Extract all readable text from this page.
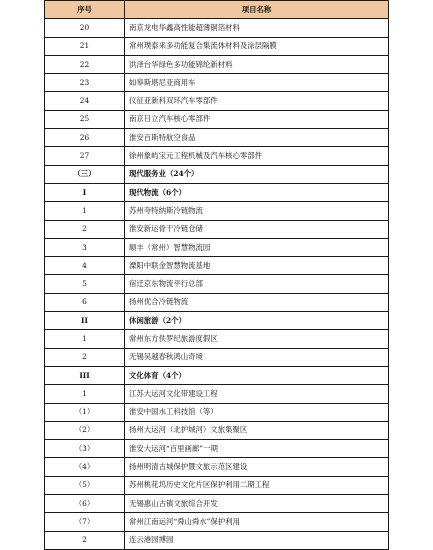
序号	项目名称
20	南京龙电华鑫高性能超薄铜箔材料
21	常州璞泰来多功能复合集流体材料及涂层隔膜
22	洪泽台华绿色多功能锦纶新材料
23	如皋斯堪尼亚商用车
24	仪征亚新科双环汽车零部件
25	南京日立汽车核心零部件
26	淮安百斯特航空食品
27	徐州象屿宝元工程机械及汽车核心零部件
（三）	现代服务业（24个）
I	现代物流（6个）
1	苏州夸特纳斯冷链物流
2	淮安新运骨干冷链仓储
3	顺丰（常州）智慧物流园
4	溧阳中联金智慧物流基地
5	宿迁京东物流平行总部
6	扬州优合冷链物流
II	休闲旅游（2个）
1	常州东方佚罗纪旅游度假区
2	无锡吴越春秋鸿山奇境
III	文化体育（4个）
1	江苏大运河文化带建设工程
（1）	淮安中国水工科技馆（等）
（2）	扬州大运河（北护城河）文旅集聚区
（3）	淮安大运河“百里画廊”一期
（4）	扬州明清古城保护暨文旅示范区建设
（5）	苏州桃花坞历史文化片区保护利用二期工程
（6）	无锡惠山古镇文旅综合开发
（7）	常州江南运河“舜山舜水”保护利用
2	连云港园博园
